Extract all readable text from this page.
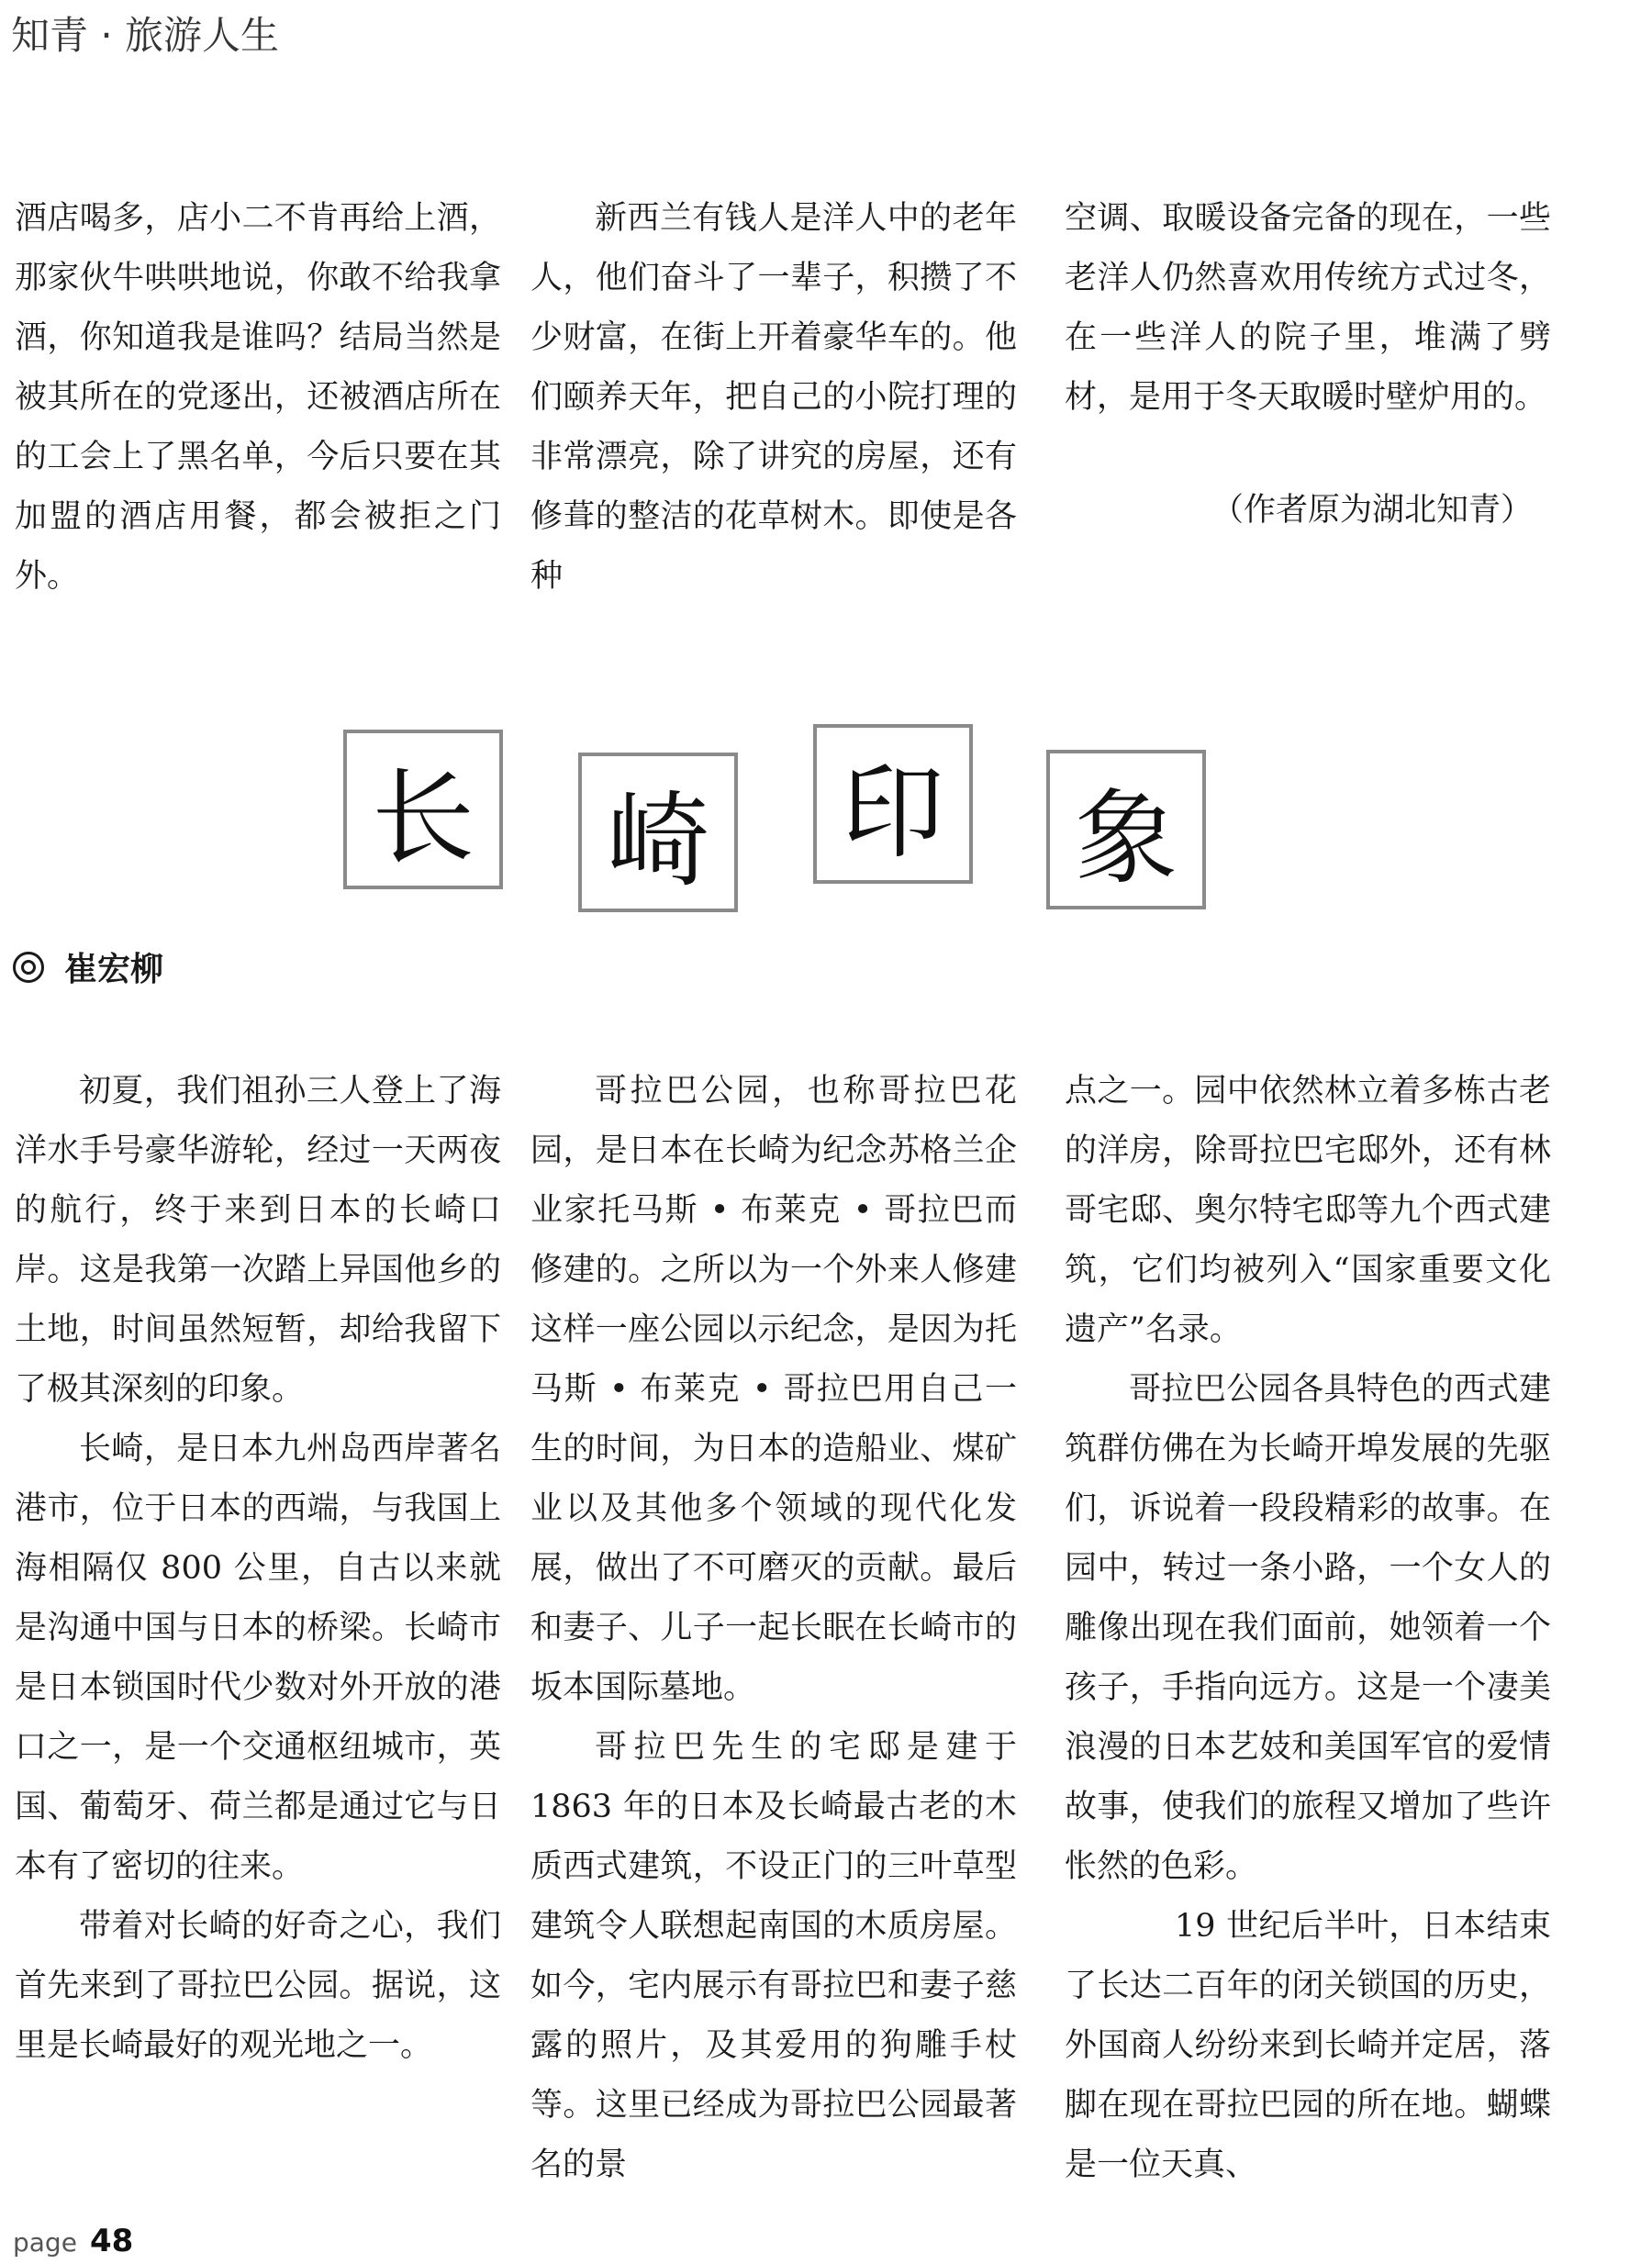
知青 · 旅游人生

酒店喝多，店小二不肯再给上酒，那家伙牛哄哄地说，你敢不给我拿酒，你知道我是谁吗？结局当然是被其所在的党逐出，还被酒店所在的工会上了黑名单，今后只要在其加盟的酒店用餐，都会被拒之门外。

新西兰有钱人是洋人中的老年人，他们奋斗了一辈子，积攒了不少财富，在街上开着豪华车的。他们颐养天年，把自己的小院打理的非常漂亮，除了讲究的房屋，还有修葺的整洁的花草树木。即使是各种

空调、取暖设备完备的现在，一些老洋人仍然喜欢用传统方式过冬，在一些洋人的院子里，堆满了劈材，是用于冬天取暖时壁炉用的。

（作者原为湖北知青）

长 崎 印 象
崔宏柳

初夏，我们祖孙三人登上了海洋水手号豪华游轮，经过一天两夜的航行，终于来到日本的长崎口岸。这是我第一次踏上异国他乡的土地，时间虽然短暂，却给我留下了极其深刻的印象。

长崎，是日本九州岛西岸著名港市，位于日本的西端，与我国上海相隔仅 800 公里，自古以来就是沟通中国与日本的桥梁。长崎市是日本锁国时代少数对外开放的港口之一，是一个交通枢纽城市，英国、葡萄牙、荷兰都是通过它与日本有了密切的往来。

带着对长崎的好奇之心，我们首先来到了哥拉巴公园。据说，这里是长崎最好的观光地之一。

哥拉巴公园，也称哥拉巴花园，是日本在长崎为纪念苏格兰企业家托马斯 • 布莱克 • 哥拉巴而修建的。之所以为一个外来人修建这样一座公园以示纪念，是因为托马斯 • 布莱克 • 哥拉巴用自己一生的时间，为日本的造船业、煤矿业以及其他多个领域的现代化发展，做出了不可磨灭的贡献。最后和妻子、儿子一起长眠在长崎市的坂本国际墓地。

哥拉巴先生的宅邸是建于 1863 年的日本及长崎最古老的木质西式建筑，不设正门的三叶草型建筑令人联想起南国的木质房屋。如今，宅内展示有哥拉巴和妻子慈露的照片，及其爱用的狗雕手杖等。这里已经成为哥拉巴公园最著名的景

点之一。园中依然林立着多栋古老的洋房，除哥拉巴宅邸外，还有林哥宅邸、奥尔特宅邸等九个西式建筑，它们均被列入“国家重要文化遗产”名录。

哥拉巴公园各具特色的西式建筑群仿佛在为长崎开埠发展的先驱们，诉说着一段段精彩的故事。在园中，转过一条小路，一个女人的雕像出现在我们面前，她领着一个孩子，手指向远方。这是一个凄美浪漫的日本艺妓和美国军官的爱情故事，使我们的旅程又增加了些许怅然的色彩。

19 世纪后半叶，日本结束了长达二百年的闭关锁国的历史，外国商人纷纷来到长崎并定居，落脚在现在哥拉巴园的所在地。蝴蝶是一位天真、

page 48
